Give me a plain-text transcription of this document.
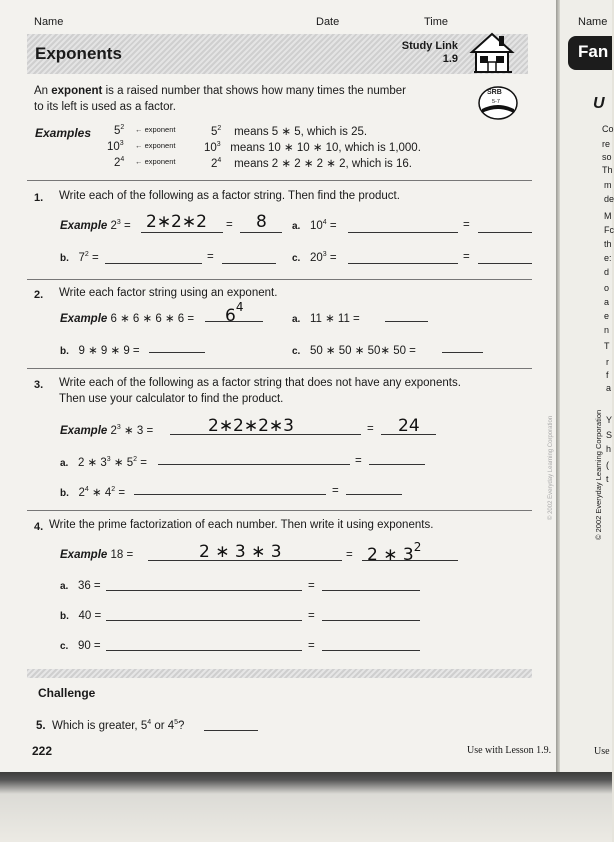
Name	Date	Time
Exponents	Study Link
1.9
SRB
5-7
An exponent is a raised number that shows how many times the number
to its left is used as a factor.
Examples $5^2$ ← exponent	$5^2$ means 5 ∗ 5, which is 25.
$10^3$ ← exponent $10^3$ means 10 ∗ 10 ∗ 10, which is 1,000.
$2^4$ ← exponent	$2^4$ means 2 ∗ 2 ∗ 2 ∗ 2, which is 16.
1. Write each of the following as a factor string. Then find the product.
Example $2^3$ = 2∗2∗2 = 8	a. $10^4$ =	=
b. $7^2$ =	=	c. $20^3$ =	=
2. Write each factor string using an exponent.
Example 6 ∗ 6 ∗ 6 ∗ $6 = 6^4$
a. 11 ∗ 11 =
b. 9 ∗ 9 ∗ 9 =	c. 50 ∗ 50 ∗ 50∗ 50 =
3. Write each of the following as a factor string that does not have any exponents.
Then use your calculator to find the product.
Example $2^3$ ∗ 3 =	2∗2∗2∗3	= 24
a. 2 ∗ $3^3$ ∗ $5^2$ =	=
b. $2^4$ ∗ $4^2$ =	=
4. Write the prime factorization of each number. Then write it using exponents.
Example 18 =	2 ∗ 3 ∗ 3	= 2 ∗ $3^2$
a. 36 =	=
b. 40 =	=
c. 90 =	=
Challenge
5. Which is greater, $5^4$ or $4^5$?
222	Use with Lesson 1.9.
© 2002 Everyday Learning Corporation
Name
Fan
U
Co
re
so
Th
m
de
M
Fc
th
e:
d
o
a
e
n
T
r
f
a
Y
S
h
(
t
Use
© 2002 Everyday Learning Corporation
